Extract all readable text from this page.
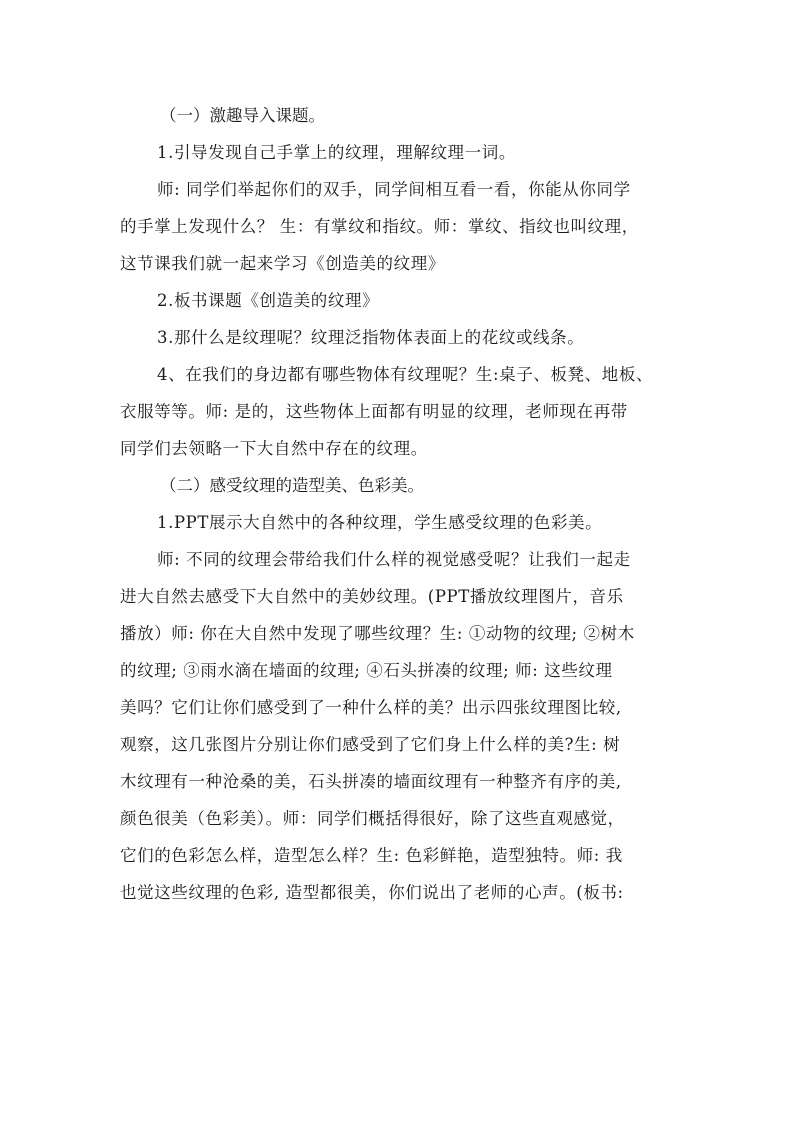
（一）激趣导入课题。

1.引导发现自己手掌上的纹理，理解纹理一词。

师: 同学们举起你们的双手，同学间相互看一看，你能从你同学
的手掌上发现什么？ 生：有掌纹和指纹。师：掌纹、指纹也叫纹理，
这节课我们就一起来学习《创造美的纹理》

2.板书课题《创造美的纹理》

3.那什么是纹理呢？纹理泛指物体表面上的花纹或线条。

4、在我们的身边都有哪些物体有纹理呢？生:桌子、板凳、地板、
衣服等等。师: 是的，这些物体上面都有明显的纹理，老师现在再带
同学们去领略一下大自然中存在的纹理。

（二）感受纹理的造型美、色彩美。

1.PPT展示大自然中的各种纹理，学生感受纹理的色彩美。

师: 不同的纹理会带给我们什么样的视觉感受呢？让我们一起走
进大自然去感受下大自然中的美妙纹理。(PPT播放纹理图片，音乐
播放）师: 你在大自然中发现了哪些纹理？生: ①动物的纹理; ②树木
的纹理; ③雨水滴在墙面的纹理; ④石头拼凑的纹理; 师: 这些纹理
美吗？它们让你们感受到了一种什么样的美？出示四张纹理图比较,
观察，这几张图片分别让你们感受到了它们身上什么样的美?生: 树
木纹理有一种沧桑的美，石头拼凑的墙面纹理有一种整齐有序的美,
颜色很美（色彩美）。师：同学们概括得很好，除了这些直观感觉，
它们的色彩怎么样，造型怎么样？生: 色彩鲜艳，造型独特。师: 我
也觉这些纹理的色彩, 造型都很美，你们说出了老师的心声。(板书:
